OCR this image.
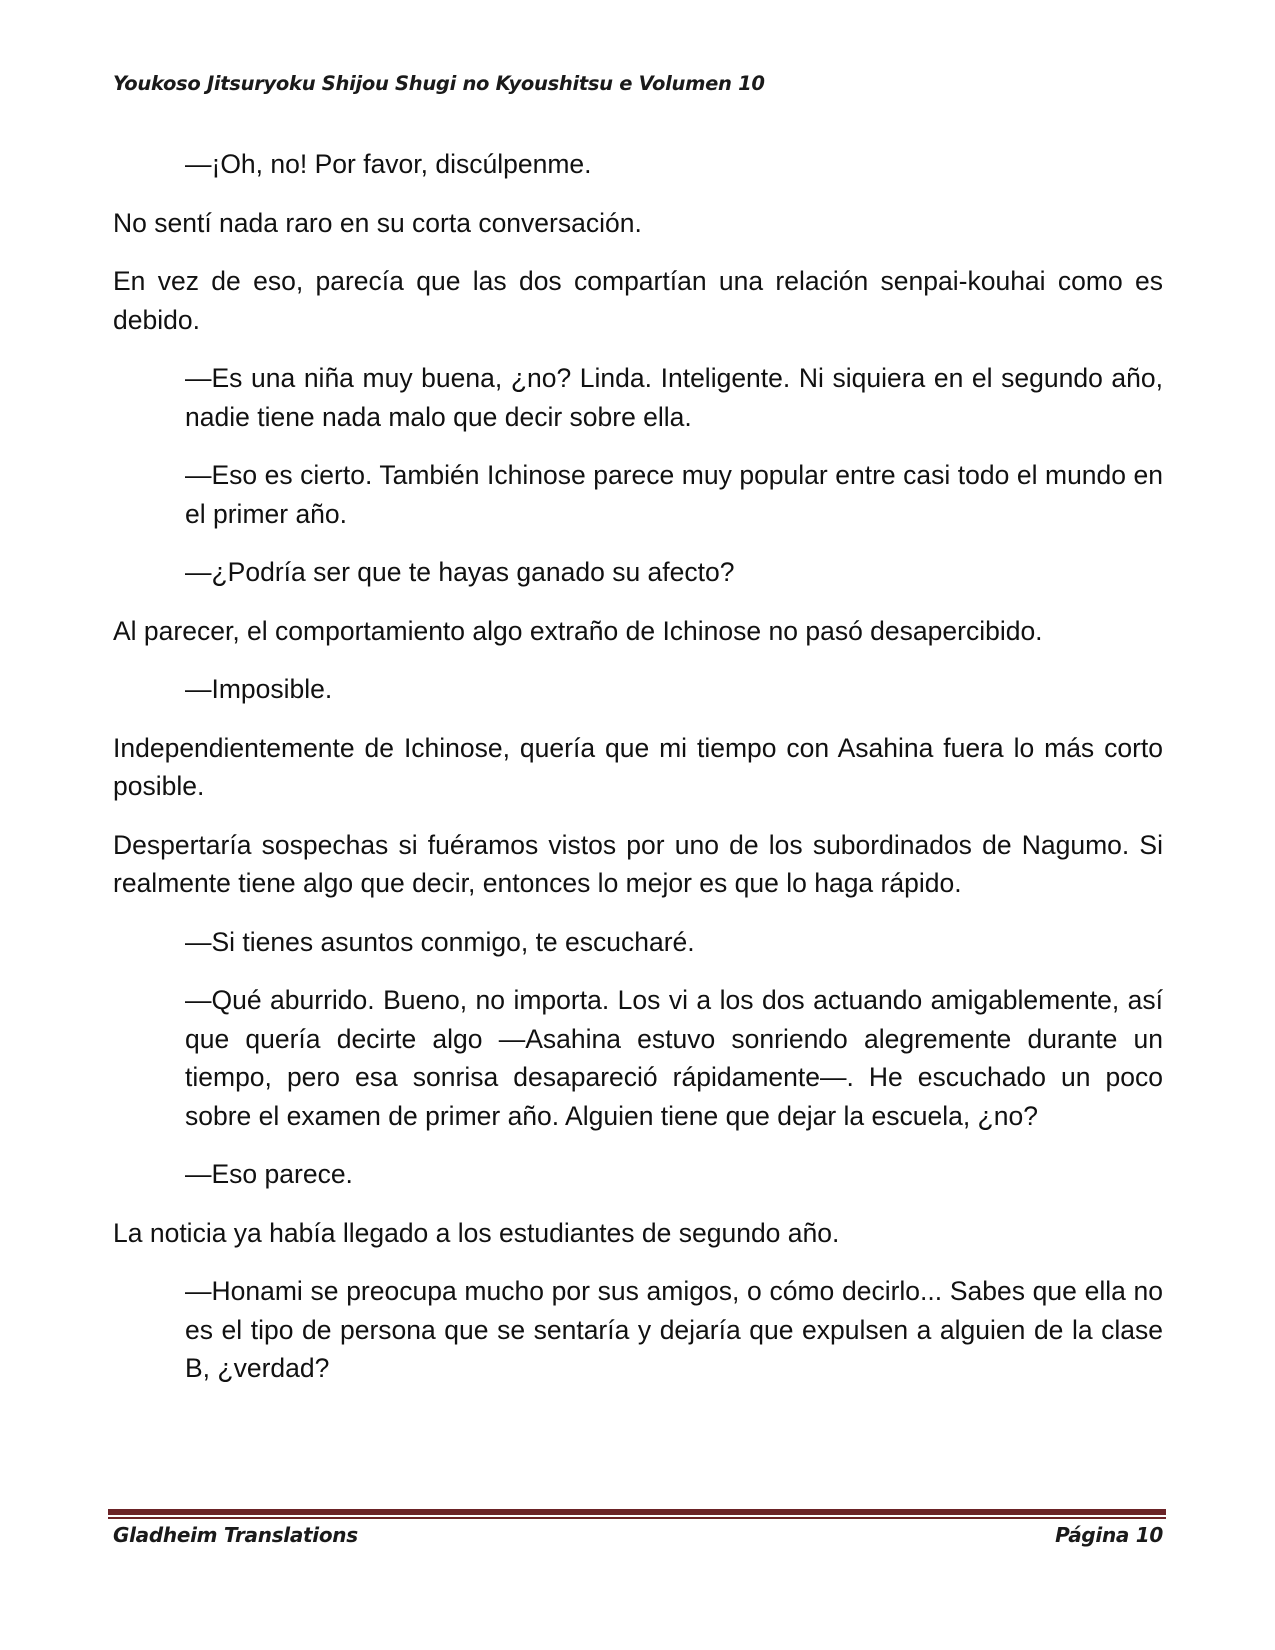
Youkoso Jitsuryoku Shijou Shugi no Kyoushitsu e Volumen 10

—¡Oh, no! Por favor, discúlpenme.

No sentí nada raro en su corta conversación.

En vez de eso, parecía que las dos compartían una relación senpai-kouhai como es debido.

—Es una niña muy buena, ¿no? Linda. Inteligente. Ni siquiera en el segundo año, nadie tiene nada malo que decir sobre ella.

—Eso es cierto. También Ichinose parece muy popular entre casi todo el mundo en el primer año.

—¿Podría ser que te hayas ganado su afecto?

Al parecer, el comportamiento algo extraño de Ichinose no pasó desapercibido.

—Imposible.

Independientemente de Ichinose, quería que mi tiempo con Asahina fuera lo más corto posible.

Despertaría sospechas si fuéramos vistos por uno de los subordinados de Nagumo. Si realmente tiene algo que decir, entonces lo mejor es que lo haga rápido.

—Si tienes asuntos conmigo, te escucharé.

—Qué aburrido. Bueno, no importa. Los vi a los dos actuando amigablemente, así que quería decirte algo —Asahina estuvo sonriendo alegremente durante un tiempo, pero esa sonrisa desapareció rápidamente—. He escuchado un poco sobre el examen de primer año. Alguien tiene que dejar la escuela, ¿no?

—Eso parece.

La noticia ya había llegado a los estudiantes de segundo año.

—Honami se preocupa mucho por sus amigos, o cómo decirlo... Sabes que ella no es el tipo de persona que se sentaría y dejaría que expulsen a alguien de la clase B, ¿verdad?

Gladheim Translations	Página 10
